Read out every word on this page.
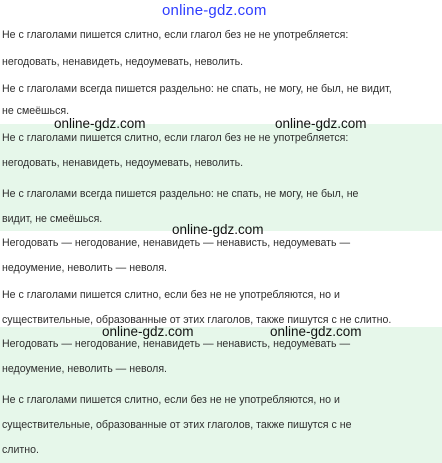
Не с глаголами пишется слитно, если глагол без не не употребляется:
негодовать, ненавидеть, недоумевать, неволить.
Не с глаголами всегда пишется раздельно: не спать, не могу, не был, не видит,
не смеёшься.
Не с глаголами пишется слитно, если глагол без не не употребляется:
негодовать, ненавидеть, недоумевать, неволить.
Не с глаголами всегда пишется раздельно: не спать, не могу, не был, не
видит, не смеёшься.
Негодовать — негодование, ненавидеть — ненависть, недоумевать —
недоумение, неволить — неволя.
Не с глаголами пишется слитно, если без не не употребляются, но и
существительные, образованные от этих глаголов, также пишутся с не слитно.
Негодовать — негодование, ненавидеть — ненависть, недоумевать —
недоумение, неволить — неволя.
Не с глаголами пишется слитно, если без не не употребляются, но и
существительные, образованные от этих глаголов, также пишутся с не
слитно.
online-gdz.com
online-gdz.com	online-gdz.com
online-gdz.com
online-gdz.com	online-gdz.com
